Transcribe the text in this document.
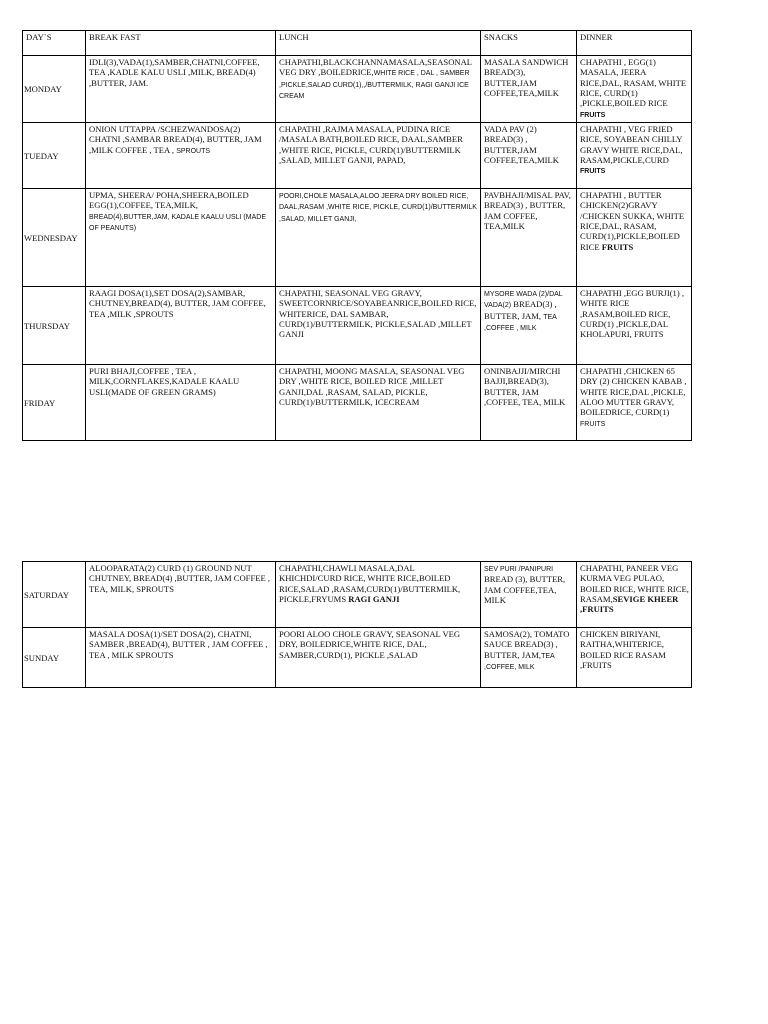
DAY`S	BREAK FAST	LUNCH	SNACKS	DINNER
MONDAY	IDLI(3),VADA(1),SAMBER,CHATNI,COFFEE, TEA ,KADLE KALU USLI ,MILK, BREAD(4) ,BUTTER, JAM.	CHAPATHI,BLACKCHANNAMASALA,SEASONAL VEG DRY ,BOILEDRICE,WHITE RICE , DAL , SAMBER ,PICKLE,SALAD CURD(1),,/BUTTERMILK, RAGI GANJI ICE CREAM	MASALA SANDWICH BREAD(3), BUTTER,JAM COFFEE,TEA,MILK	CHAPATHI , EGG(1) MASALA, JEERA RICE,DAL, RASAM, WHITE RICE, CURD(1) ,PICKLE,BOILED RICE FRUITS
TUEDAY	ONION UTTAPPA /SCHEZWANDOSA(2) CHATNI ,SAMBAR BREAD(4), BUTTER, JAM ,MILK COFFEE , TEA , SPROUTS	CHAPATHI ,RAJMA MASALA, PUDINA RICE /MASALA BATH,BOILED RICE, DAAL,SAMBER ,WHITE RICE, PICKLE, CURD(1)/BUTTERMILK ,SALAD, MILLET GANJI, PAPAD,	VADA PAV (2) BREAD(3) , BUTTER,JAM COFFEE,TEA,MILK	CHAPATHI , VEG FRIED RICE, SOYABEAN CHILLY GRAVY WHITE RICE,DAL, RASAM,PICKLE,CURD FRUITS
WEDNESDAY	UPMA, SHEERA/ POHA,SHEERA,BOILED EGG(1),COFFEE, TEA,MILK, BREAD(4),BUTTER,JAM, KADALE KAALU USLI (MADE OF PEANUTS)	POORI,CHOLE MASALA,ALOO JEERA DRY BOILED RICE, DAAL,RASAM ,WHITE RICE, PICKLE, CURD(1)/BUTTERMILK ,SALAD, MILLET GANJI,	PAVBHAJI/MISAL PAV, BREAD(3) , BUTTER, JAM COFFEE, TEA,MILK	CHAPATHI , BUTTER CHICKEN(2)GRAVY /CHICKEN SUKKA, WHITE RICE,DAL, RASAM, CURD(1),PICKLE,BOILED RICE FRUITS
THURSDAY	RAAGI DOSA(1),SET DOSA(2),SAMBAR, CHUTNEY,BREAD(4), BUTTER, JAM COFFEE, TEA ,MILK ,SPROUTS	CHAPATHI, SEASONAL VEG GRAVY, SWEETCORNRICE/SOYABEANRICE,BOILED RICE, WHITERICE, DAL SAMBAR, CURD(1)/BUTTERMILK, PICKLE,SALAD ,MILLET GANJI	MYSORE WADA (2)/DAL VADA(2) BREAD(3) , BUTTER, JAM, TEA ,COFFEE , MILK	CHAPATHI ,EGG BURJI(1) , WHITE RICE ,RASAM,BOILED RICE, CURD(1) ,PICKLE,DAL KHOLAPURI, FRUITS
FRIDAY	PURI BHAJI,COFFEE , TEA , MILK,CORNFLAKES,KADALE KAALU USLI(MADE OF GREEN GRAMS)	CHAPATHI, MOONG MASALA, SEASONAL VEG DRY ,WHITE RICE, BOILED RICE ,MILLET GANJI,DAL ,RASAM, SALAD, PICKLE, CURD(1)/BUTTERMILK, ICECREAM	ONINBAJJI/MIRCHI BAJJI,BREAD(3), BUTTER, JAM ,COFFEE, TEA, MILK	CHAPATHI ,CHICKEN 65 DRY (2) CHICKEN KABAB , WHITE RICE,DAL ,PICKLE, ALOO MUTTER GRAVY, BOILEDRICE, CURD(1) FRUITS
SATURDAY	ALOOPARATA(2) CURD (1) GROUND NUT CHUTNEY, BREAD(4) ,BUTTER, JAM COFFEE , TEA, MILK, SPROUTS	CHAPATHI,CHAWLI MASALA,DAL KHICHDI/CURD RICE, WHITE RICE,BOILED RICE,SALAD ,RASAM,CURD(1)/BUTTERMILK, PICKLE,FRYUMS RAGI GANJI	SEV PURI /PANIPURI BREAD (3), BUTTER, JAM COFFEE,TEA, MILK	CHAPATHI, PANEER VEG KURMA VEG PULAO, BOILED RICE, WHITE RICE, RASAM,SEVIGE KHEER ,FRUITS
SUNDAY	MASALA DOSA(1)/SET DOSA(2), CHATNI, SAMBER ,BREAD(4), BUTTER , JAM COFFEE , TEA , MILK SPROUTS	POORI ALOO CHOLE GRAVY, SEASONAL VEG DRY, BOILEDRICE,WHITE RICE, DAL, SAMBER,CURD(1), PICKLE ,SALAD	SAMOSA(2), TOMATO SAUCE BREAD(3) , BUTTER, JAM,TEA ,COFFEE, MILK	CHICKEN BIRIYANI, RAITHA,WHITERICE, BOILED RICE RASAM ,FRUITS
